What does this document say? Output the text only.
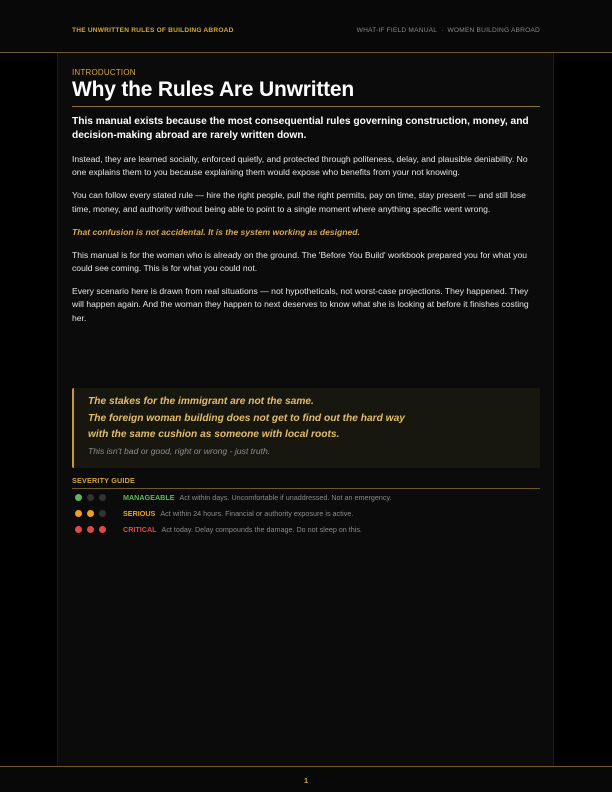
THE UNWRITTEN RULES OF BUILDING ABROAD	WHAT-IF FIELD MANUAL · WOMEN BUILDING ABROAD
INTRODUCTION
Why the Rules Are Unwritten
This manual exists because the most consequential rules governing construction, money, and decision-making abroad are rarely written down.

Instead, they are learned socially, enforced quietly, and protected through politeness, delay, and plausible deniability. No one explains them to you because explaining them would expose who benefits from your not knowing.

You can follow every stated rule — hire the right people, pull the right permits, pay on time, stay present — and still lose time, money, and authority without being able to point to a single moment where anything specific went wrong.

That confusion is not accidental. It is the system working as designed.

This manual is for the woman who is already on the ground. The 'Before You Build' workbook prepared you for what you could see coming. This is for what you could not.

Every scenario here is drawn from real situations — not hypotheticals, not worst-case projections. They happened. They will happen again. And the woman they happen to next deserves to know what she is looking at before it finishes costing her.

The stakes for the immigrant are not the same.
The foreign woman building does not get to find out the hard way
with the same cushion as someone with local roots.
This isn't bad or good, right or wrong - just truth.
SEVERITY GUIDE
MANAGEABLE Act within days. Uncomfortable if unaddressed. Not an emergency.
SERIOUS Act within 24 hours. Financial or authority exposure is active.
CRITICAL Act today. Delay compounds the damage. Do not sleep on this.
1
